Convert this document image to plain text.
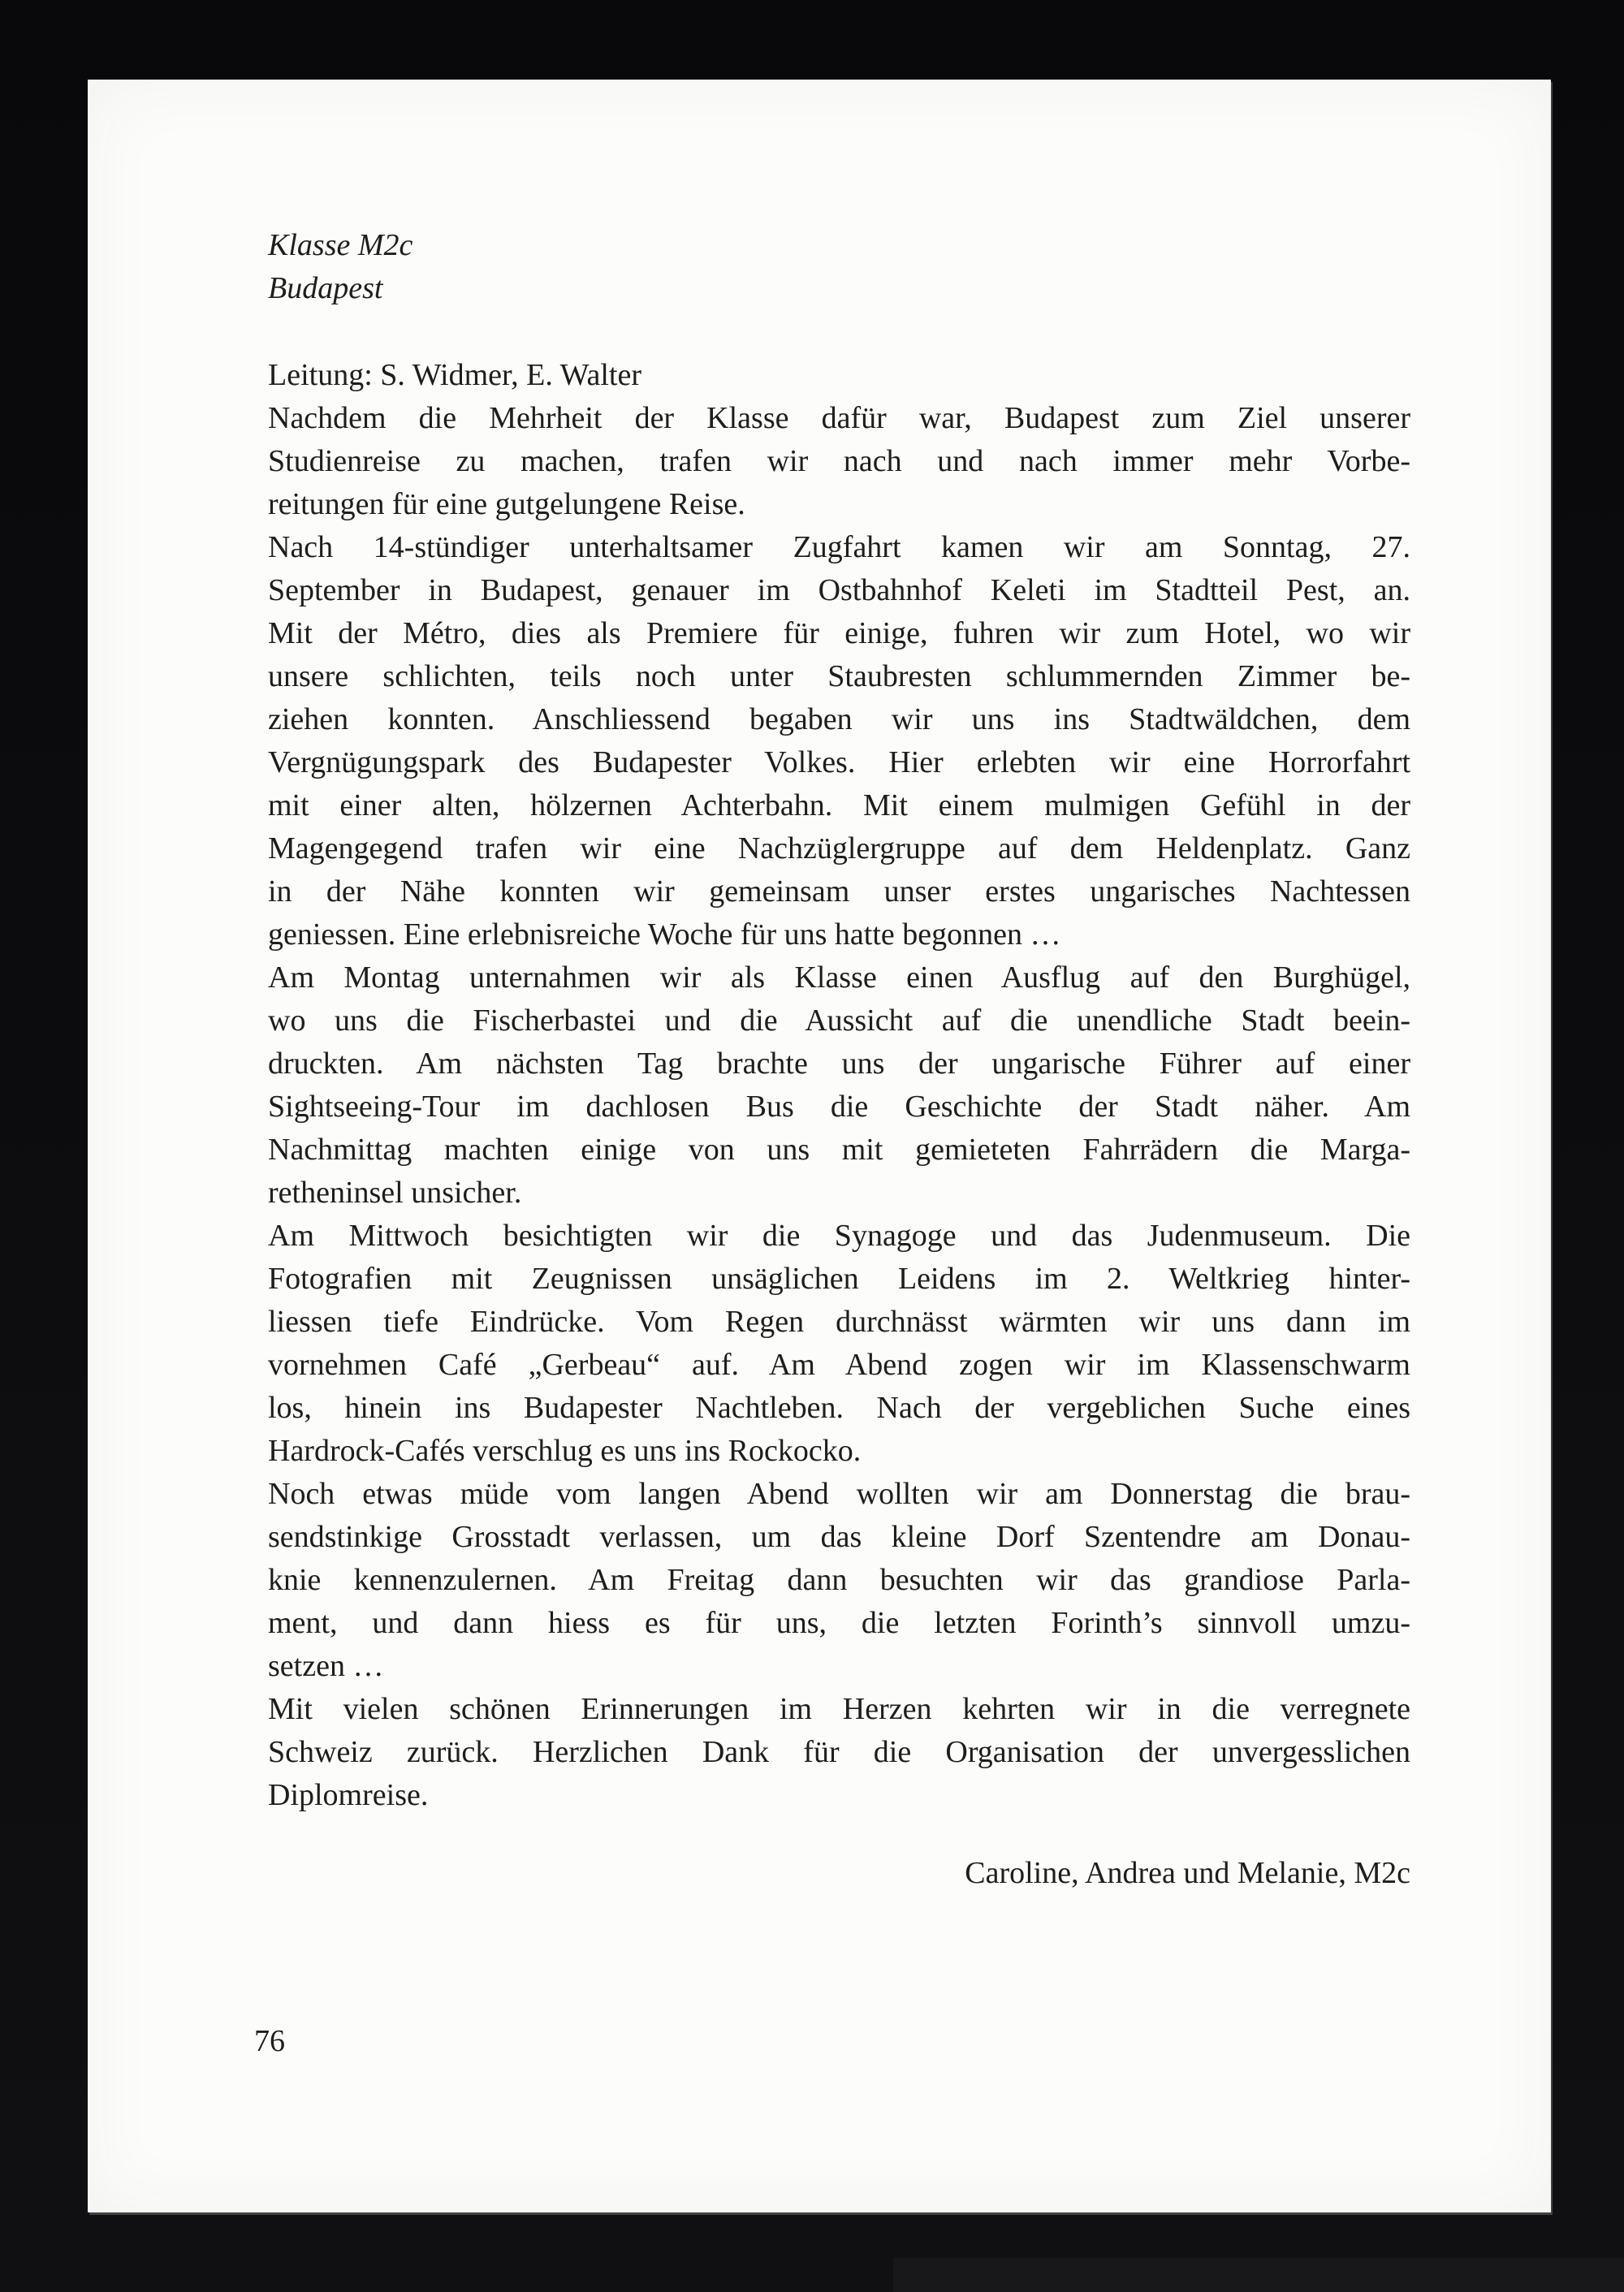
Klasse M2c
Budapest
Leitung: S. Widmer, E. Walter
Nachdem die Mehrheit der Klasse dafür war, Budapest zum Ziel unserer
Studienreise zu machen, trafen wir nach und nach immer mehr Vorbe-
reitungen für eine gutgelungene Reise.
Nach 14-stündiger unterhaltsamer Zugfahrt kamen wir am Sonntag, 27.
September in Budapest, genauer im Ostbahnhof Keleti im Stadtteil Pest, an.
Mit der Métro, dies als Premiere für einige, fuhren wir zum Hotel, wo wir
unsere schlichten, teils noch unter Staubresten schlummernden Zimmer be-
ziehen konnten. Anschliessend begaben wir uns ins Stadtwäldchen, dem
Vergnügungspark des Budapester Volkes. Hier erlebten wir eine Horrorfahrt
mit einer alten, hölzernen Achterbahn. Mit einem mulmigen Gefühl in der
Magengegend trafen wir eine Nachzüglergruppe auf dem Heldenplatz. Ganz
in der Nähe konnten wir gemeinsam unser erstes ungarisches Nachtessen
geniessen. Eine erlebnisreiche Woche für uns hatte begonnen …
Am Montag unternahmen wir als Klasse einen Ausflug auf den Burghügel,
wo uns die Fischerbastei und die Aussicht auf die unendliche Stadt beein-
druckten. Am nächsten Tag brachte uns der ungarische Führer auf einer
Sightseeing-Tour im dachlosen Bus die Geschichte der Stadt näher. Am
Nachmittag machten einige von uns mit gemieteten Fahrrädern die Marga-
retheninsel unsicher.
Am Mittwoch besichtigten wir die Synagoge und das Judenmuseum. Die
Fotografien mit Zeugnissen unsäglichen Leidens im 2. Weltkrieg hinter-
liessen tiefe Eindrücke. Vom Regen durchnässt wärmten wir uns dann im
vornehmen Café „Gerbeau“ auf. Am Abend zogen wir im Klassenschwarm
los, hinein ins Budapester Nachtleben. Nach der vergeblichen Suche eines
Hardrock-Cafés verschlug es uns ins Rockocko.
Noch etwas müde vom langen Abend wollten wir am Donnerstag die brau-
sendstinkige Grosstadt verlassen, um das kleine Dorf Szentendre am Donau-
knie kennenzulernen. Am Freitag dann besuchten wir das grandiose Parla-
ment, und dann hiess es für uns, die letzten Forinth’s sinnvoll umzu-
setzen …
Mit vielen schönen Erinnerungen im Herzen kehrten wir in die verregnete
Schweiz zurück. Herzlichen Dank für die Organisation der unvergesslichen
Diplomreise.
Caroline, Andrea und Melanie, M2c
76
